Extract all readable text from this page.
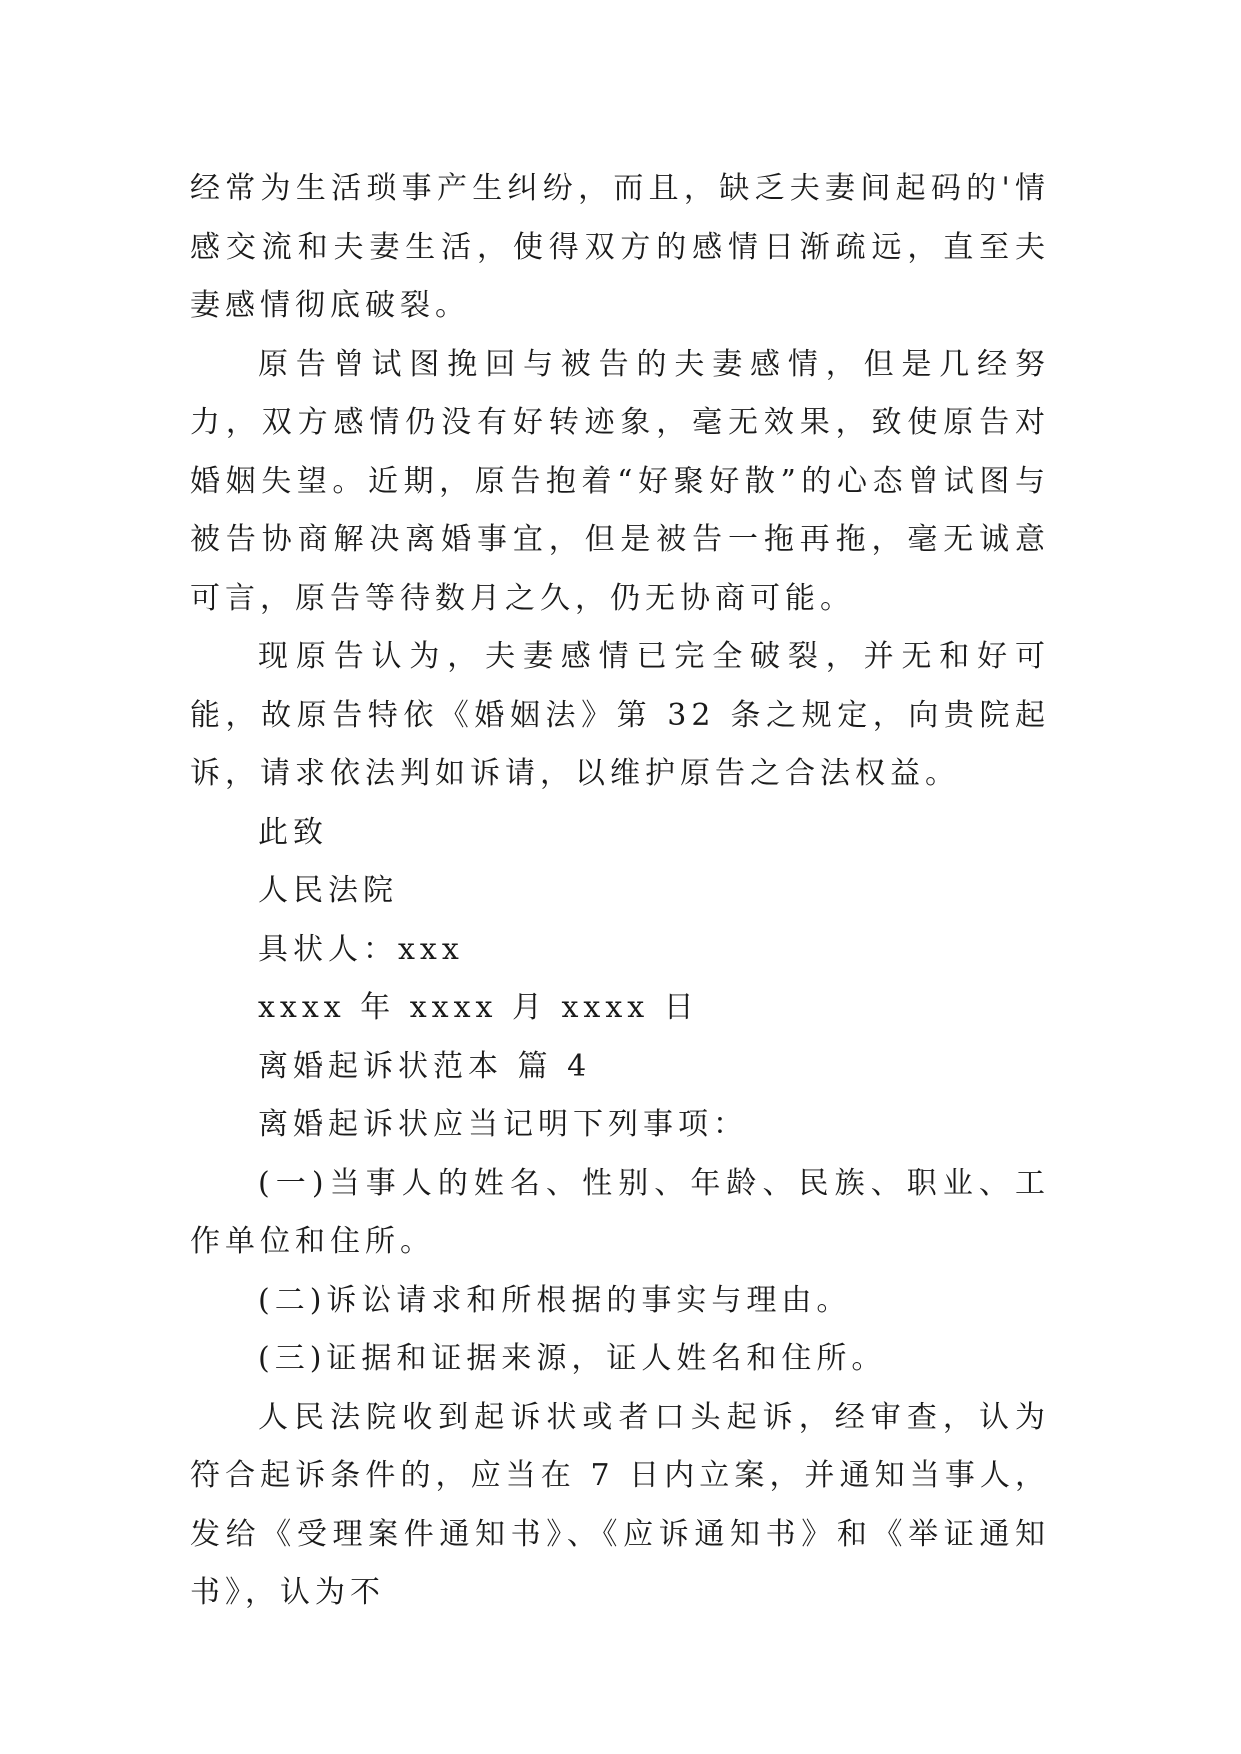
经常为生活琐事产生纠纷，而且，缺乏夫妻间起码的'情感交流和夫妻生活，使得双方的感情日渐疏远，直至夫妻感情彻底破裂。

原告曾试图挽回与被告的夫妻感情，但是几经努力，双方感情仍没有好转迹象，毫无效果，致使原告对婚姻失望。近期，原告抱着“好聚好散”的心态曾试图与被告协商解决离婚事宜，但是被告一拖再拖，毫无诚意可言，原告等待数月之久，仍无协商可能。

现原告认为，夫妻感情已完全破裂，并无和好可能，故原告特依《婚姻法》第 32 条之规定，向贵院起诉，请求依法判如诉请，以维护原告之合法权益。

此致

人民法院

具状人：xxx

xxxx 年 xxxx 月 xxxx 日

离婚起诉状范本 篇 4

离婚起诉状应当记明下列事项：

(一)当事人的姓名、性别、年龄、民族、职业、工作单位和住所。

(二)诉讼请求和所根据的事实与理由。

(三)证据和证据来源，证人姓名和住所。

人民法院收到起诉状或者口头起诉，经审查，认为符合起诉条件的，应当在 7 日内立案，并通知当事人，发给《受理案件通知书》、《应诉通知书》和《举证通知书》，认为不
